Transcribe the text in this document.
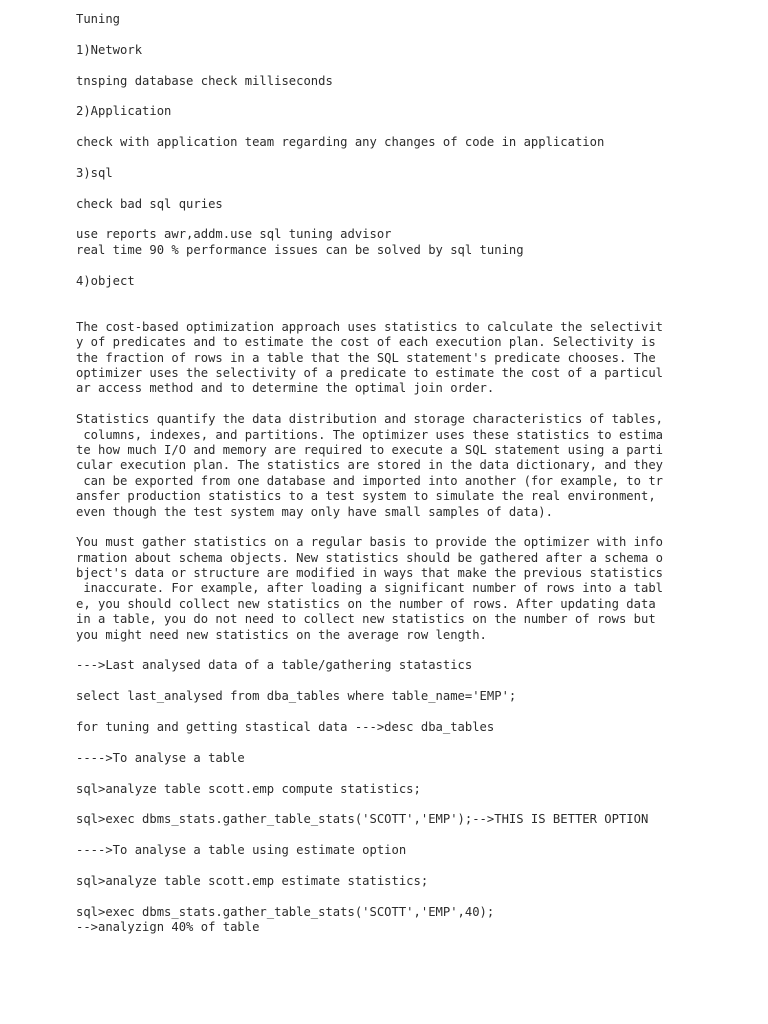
Tuning
1)Network
tnsping database check milliseconds
2)Application
check with application team regarding any changes of code in application
3)sql
check bad sql quries
use reports awr,addm.use sql tuning advisor
real time 90 % performance issues can be solved by sql tuning
4)object
The cost-based optimization approach uses statistics to calculate the selectivit
y of predicates and to estimate the cost of each execution plan. Selectivity is
the fraction of rows in a table that the SQL statement's predicate chooses. The
optimizer uses the selectivity of a predicate to estimate the cost of a particul
ar access method and to determine the optimal join order.
Statistics quantify the data distribution and storage characteristics of tables,
columns, indexes, and partitions. The optimizer uses these statistics to estima
te how much I/O and memory are required to execute a SQL statement using a parti
cular execution plan. The statistics are stored in the data dictionary, and they
can be exported from one database and imported into another (for example, to tr
ansfer production statistics to a test system to simulate the real environment,
even though the test system may only have small samples of data).
You must gather statistics on a regular basis to provide the optimizer with info
rmation about schema objects. New statistics should be gathered after a schema o
bject's data or structure are modified in ways that make the previous statistics
inaccurate. For example, after loading a significant number of rows into a tabl
e, you should collect new statistics on the number of rows. After updating data
in a table, you do not need to collect new statistics on the number of rows but
you might need new statistics on the average row length.
--->Last analysed data of a table/gathering statastics
select last_analysed from dba_tables where table_name='EMP';
for tuning and getting stastical data --->desc dba_tables
---->To analyse a table
sql>analyze table scott.emp compute statistics;
sql>exec dbms_stats.gather_table_stats('SCOTT','EMP');-->THIS IS BETTER OPTION
---->To analyse a table using estimate option
sql>analyze table scott.emp estimate statistics;
sql>exec dbms_stats.gather_table_stats('SCOTT','EMP',40);
-->analyzign 40% of table
